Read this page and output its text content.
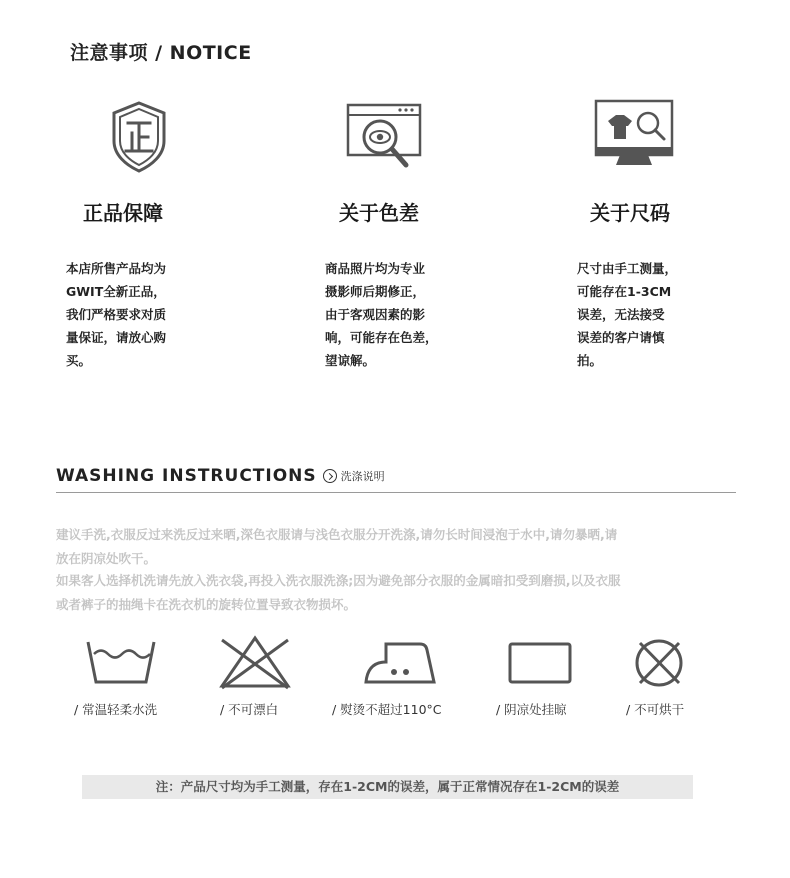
注意事项 / NOTICE
正品保障
本店所售产品均为
GWIT全新正品，
我们严格要求对质
量保证，请放心购
买。
关于色差
商品照片均为专业
摄影师后期修正，
由于客观因素的影
响，可能存在色差，
望谅解。
关于尺码
尺寸由手工测量，
可能存在1-3CM
误差，无法接受
误差的客户请慎
拍。
WASHING INSTRUCTIONS 洗涤说明
建议手洗,衣服反过来洗反过来晒,深色衣服请与浅色衣服分开洗涤,请勿长时间浸泡于水中,请勿暴晒,请
放在阴凉处吹干。
如果客人选择机洗请先放入洗衣袋,再投入洗衣服洗涤;因为避免部分衣服的金属暗扣受到磨损,以及衣服
或者裤子的抽绳卡在洗衣机的旋转位置导致衣物损坏。
/ 常温轻柔水洗	/ 不可漂白	/ 熨烫不超过110°C	/ 阴凉处挂晾	/ 不可烘干
注：产品尺寸均为手工测量，存在1-2CM的误差，属于正常情况存在1-2CM的误差
